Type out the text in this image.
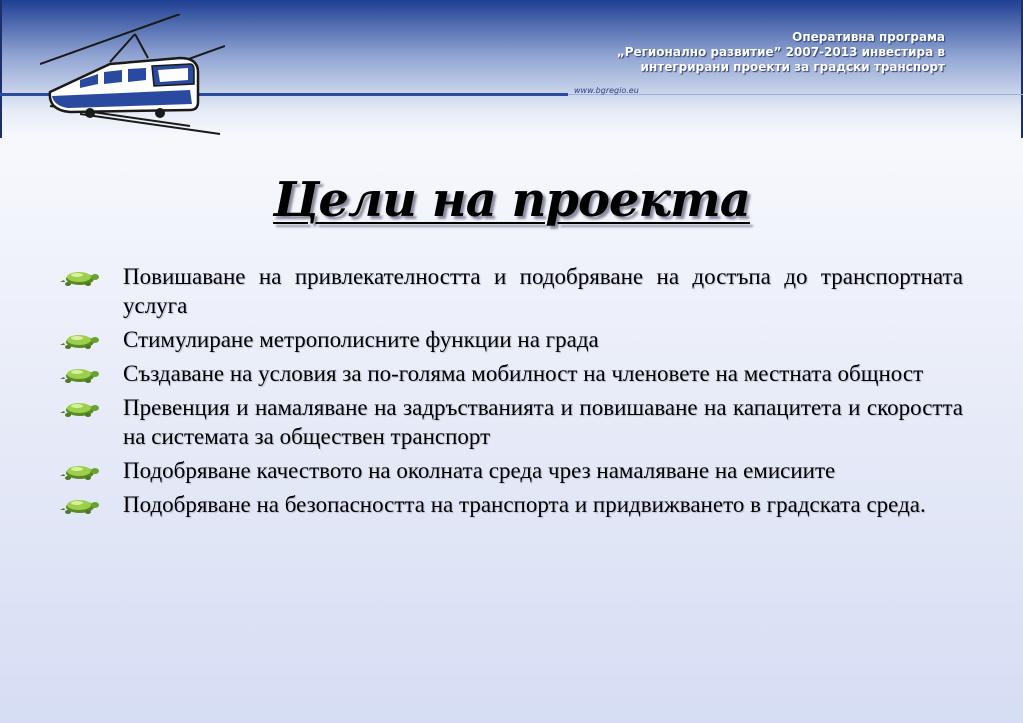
Оперативна програма
„Регионално развитие” 2007-2013 инвестира в
интегрирани проекти за градски транспорт
www.bgregio.eu
Цели на проекта
Повишаване на привлекателността и подобряване на достъпа до транспортната услуга
Стимулиране метрополисните функции на града
Създаване на условия за по-голяма мобилност на членовете на местната общност
Превенция и намаляване на задръстванията и повишаване на капацитета и скоростта на системата за обществен транспорт
Подобряване качеството на околната среда чрез намаляване на емисиите
Подобряване на безопасността на транспорта и придвижването в градската среда.
